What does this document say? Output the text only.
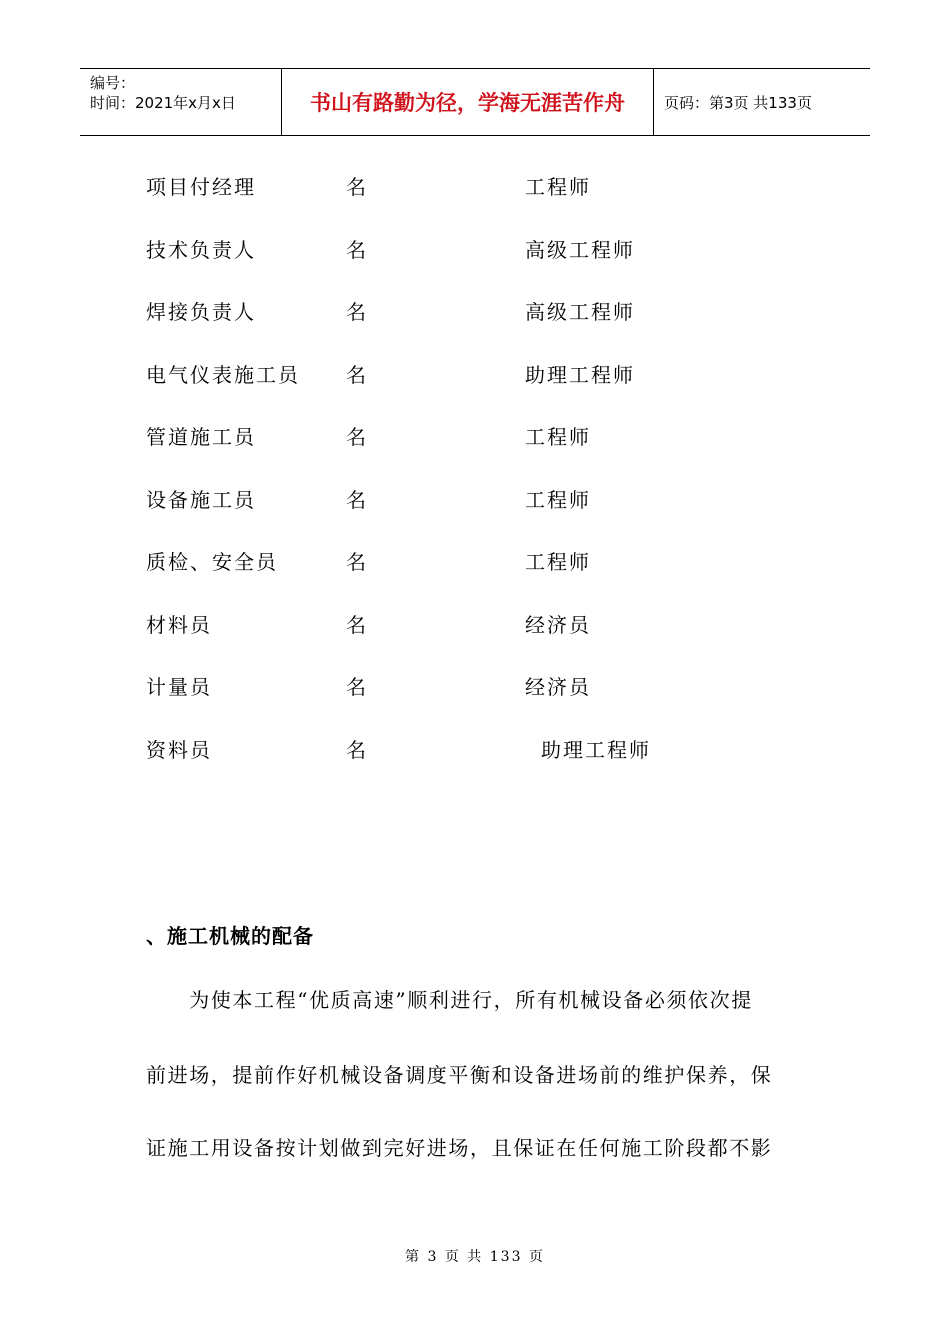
编号：
时间：2021年x月x日	书山有路勤为径，学海无涯苦作舟	页码：第3页 共133页
项目付经理	名	工程师
技术负责人	名	高级工程师
焊接负责人	名	高级工程师
电气仪表施工员 名	助理工程师
管道施工员	名	工程师
设备施工员	名	工程师
质检、安全员	名	工程师
材料员	名	经济员
计量员	名	经济员
资料员	名	助理工程师
、施工机械的配备
　　为使本工程“优质高速”顺利进行，所有机械设备必须依次提
前进场，提前作好机械设备调度平衡和设备进场前的维护保养，保
证施工用设备按计划做到完好进场，且保证在任何施工阶段都不影
第 3 页 共 133 页
